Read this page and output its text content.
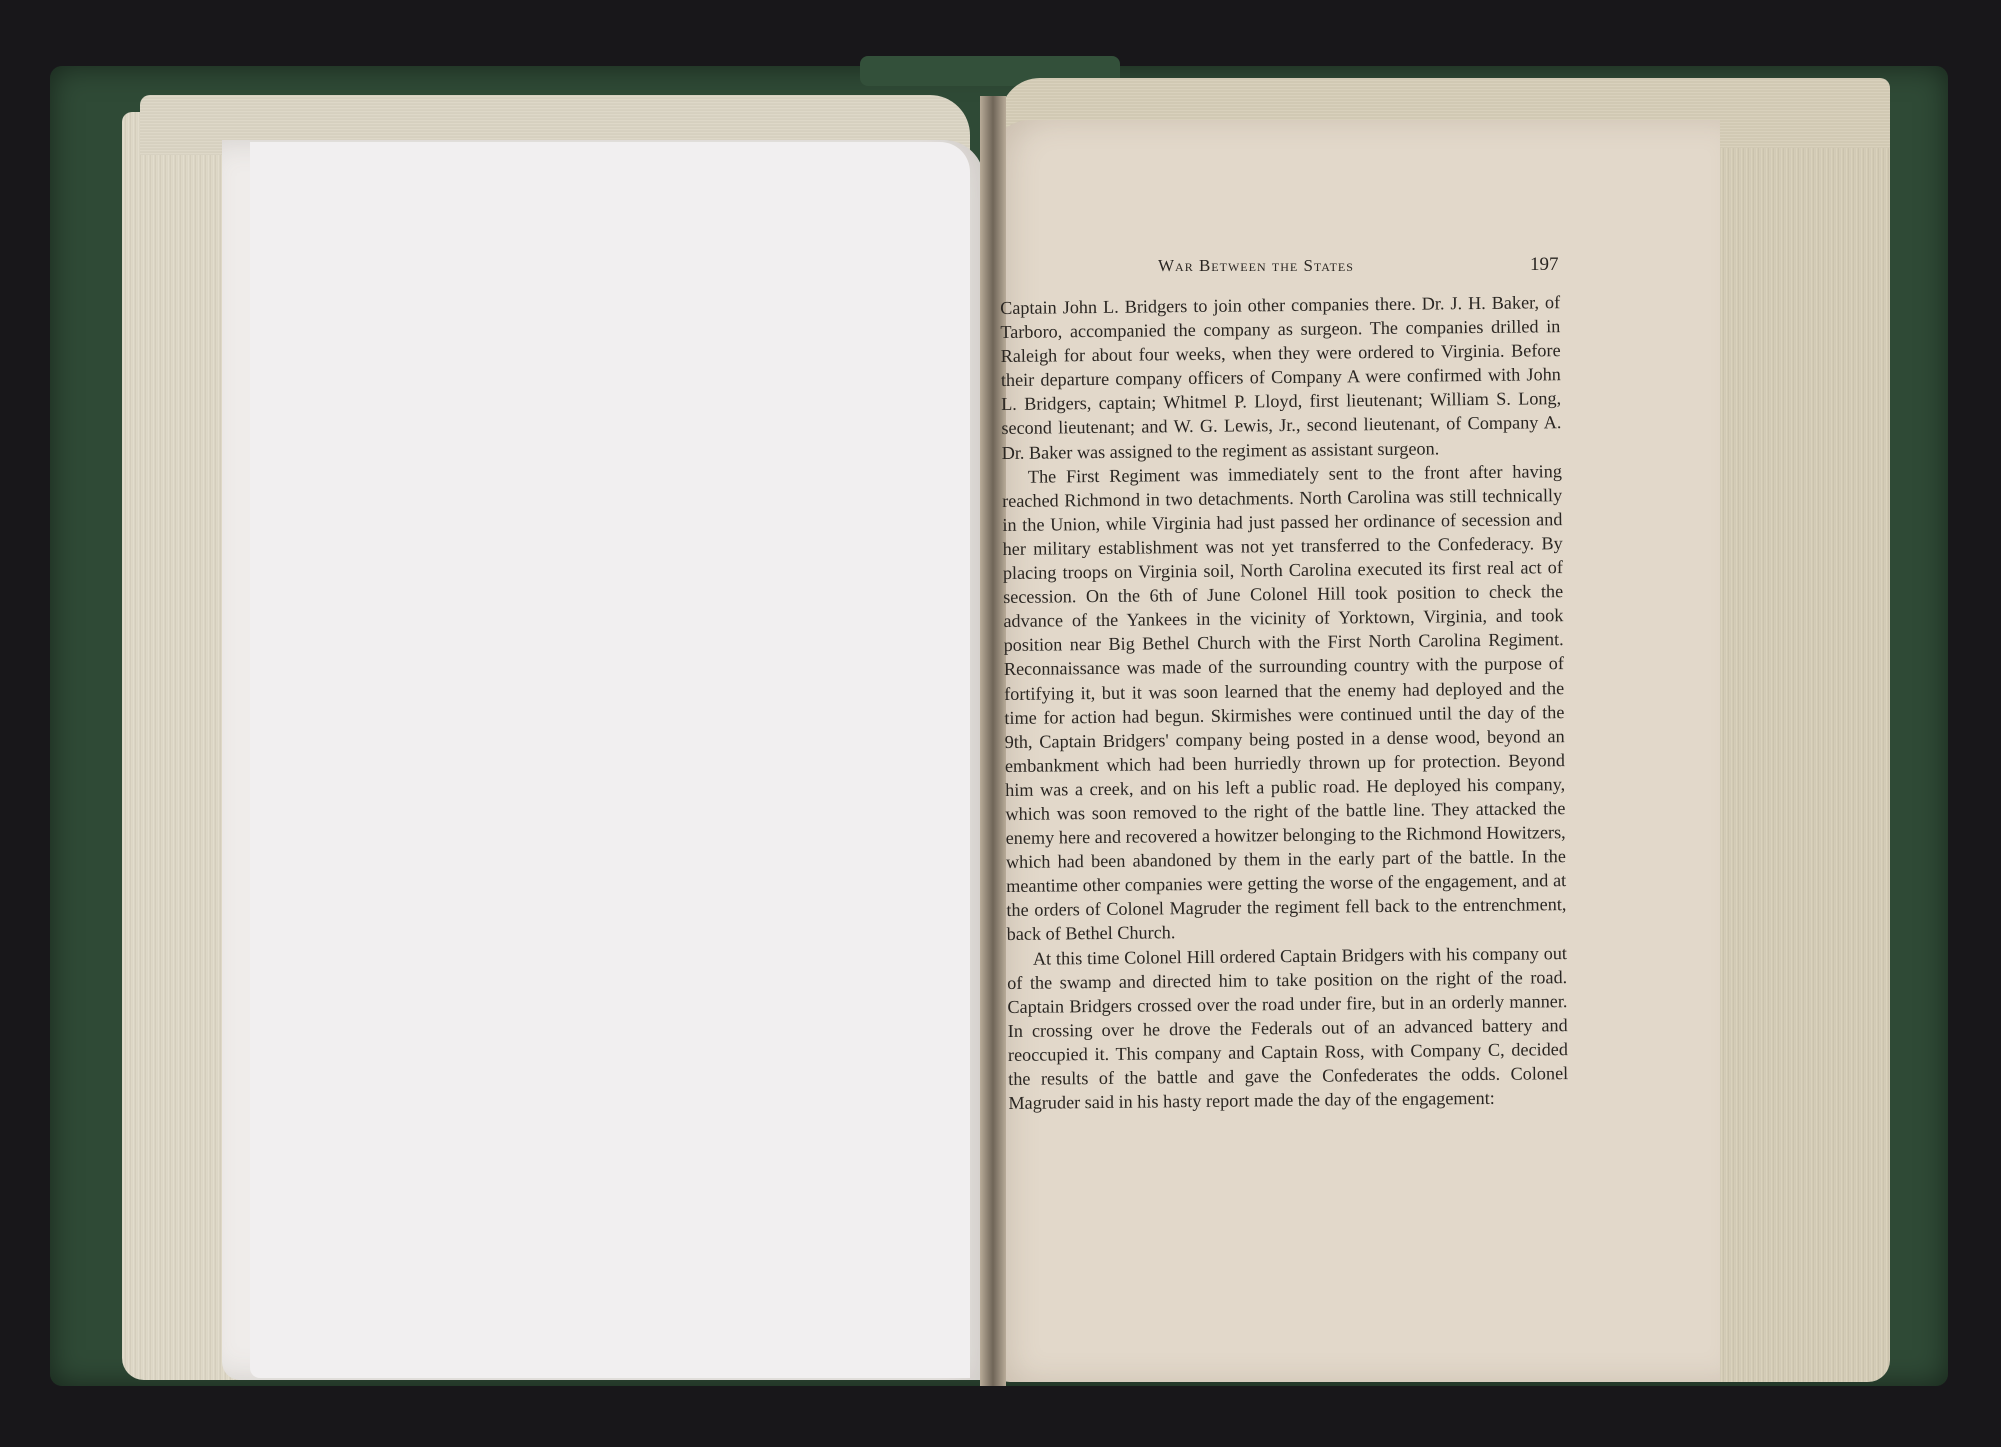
War Between the States	197

Captain John L. Bridgers to join other companies there. Dr. J. H. Baker, of Tarboro, accompanied the company as surgeon. The companies drilled in Raleigh for about four weeks, when they were ordered to Virginia. Before their departure company officers of Company A were confirmed with John L. Bridgers, captain; Whitmel P. Lloyd, first lieutenant; William S. Long, second lieutenant; and W. G. Lewis, Jr., second lieutenant, of Company A. Dr. Baker was assigned to the regiment as assistant surgeon.

The First Regiment was immediately sent to the front after having reached Richmond in two detachments. North Carolina was still technically in the Union, while Virginia had just passed her ordinance of secession and her military establishment was not yet transferred to the Confederacy. By placing troops on Virginia soil, North Carolina executed its first real act of secession. On the 6th of June Colonel Hill took position to check the advance of the Yankees in the vicinity of Yorktown, Virginia, and took position near Big Bethel Church with the First North Carolina Regiment. Reconnaissance was made of the surrounding country with the purpose of fortifying it, but it was soon learned that the enemy had deployed and the time for action had begun. Skirmishes were continued until the day of the 9th, Captain Bridgers' company being posted in a dense wood, beyond an embankment which had been hurriedly thrown up for protection. Beyond him was a creek, and on his left a public road. He deployed his company, which was soon removed to the right of the battle line. They attacked the enemy here and recovered a howitzer belonging to the Richmond Howitzers, which had been abandoned by them in the early part of the battle. In the meantime other companies were getting the worse of the engagement, and at the orders of Colonel Magruder the regiment fell back to the entrenchment, back of Bethel Church.

At this time Colonel Hill ordered Captain Bridgers with his company out of the swamp and directed him to take position on the right of the road. Captain Bridgers crossed over the road under fire, but in an orderly manner. In crossing over he drove the Federals out of an advanced battery and reoccupied it. This company and Captain Ross, with Company C, decided the results of the battle and gave the Confederates the odds. Colonel Magruder said in his hasty report made the day of the engagement:
